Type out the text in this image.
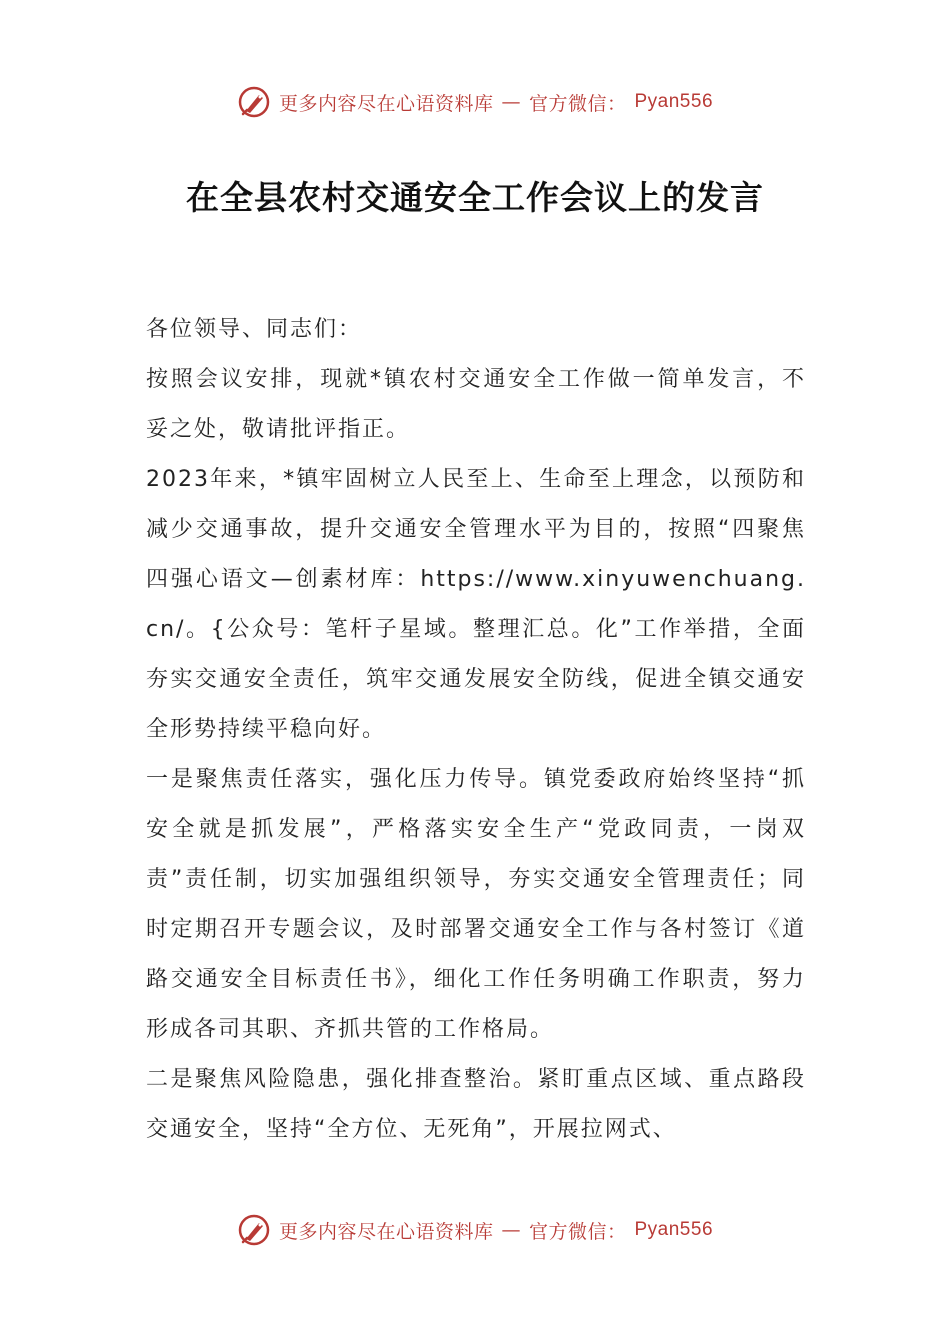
更多内容尽在心语资料库 — 官方微信： Pyan556
在全县农村交通安全工作会议上的发言

各位领导、同志们：

按照会议安排，现就*镇农村交通安全工作做一简单发言，不妥之处，敬请批评指正。

2023年来，*镇牢固树立人民至上、生命至上理念，以预防和减少交通事故，提升交通安全管理水平为目的，按照“四聚焦四强心语文—创素材库：https://www.xinyuwenchuang.cn/。{公众号：笔杆子星域。整理汇总。化”工作举措，全面夯实交通安全责任，筑牢交通发展安全防线，促进全镇交通安全形势持续平稳向好。

一是聚焦责任落实，强化压力传导。镇党委政府始终坚持“抓安全就是抓发展”，严格落实安全生产“党政同责，一岗双责”责任制，切实加强组织领导，夯实交通安全管理责任；同时定期召开专题会议，及时部署交通安全工作与各村签订《道路交通安全目标责任书》，细化工作任务明确工作职责，努力形成各司其职、齐抓共管的工作格局。

二是聚焦风险隐患，强化排查整治。紧盯重点区域、重点路段交通安全，坚持“全方位、无死角”，开展拉网式、

更多内容尽在心语资料库 — 官方微信： Pyan556
